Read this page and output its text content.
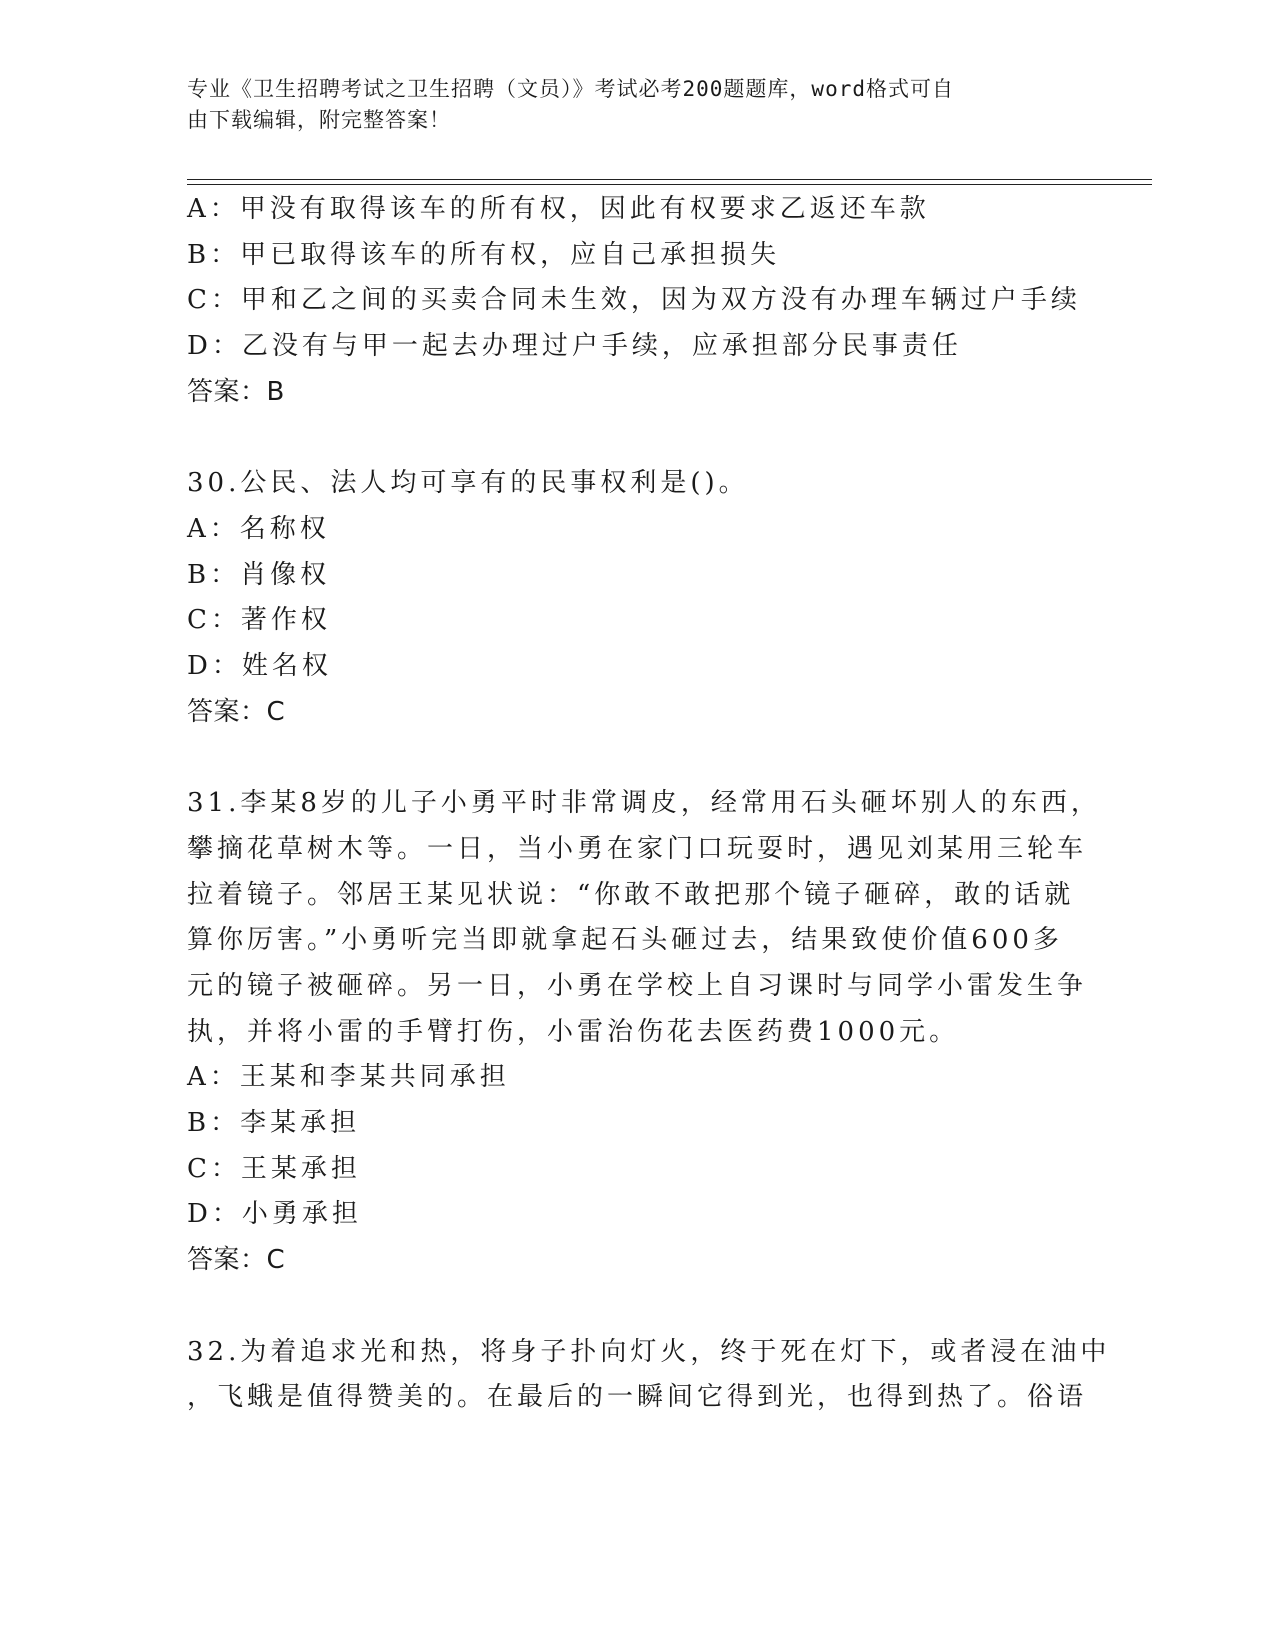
专业《卫生招聘考试之卫生招聘（文员）》考试必考200题题库，word格式可自
由下载编辑，附完整答案！
A：甲没有取得该车的所有权，因此有权要求乙返还车款
B：甲已取得该车的所有权，应自己承担损失
C：甲和乙之间的买卖合同未生效，因为双方没有办理车辆过户手续
D：乙没有与甲一起去办理过户手续，应承担部分民事责任
答案：B
30.公民、法人均可享有的民事权利是()。
A：名称权
B：肖像权
C：著作权
D：姓名权
答案：C
31.李某8岁的儿子小勇平时非常调皮，经常用石头砸坏别人的东西，
攀摘花草树木等。一日，当小勇在家门口玩耍时，遇见刘某用三轮车
拉着镜子。邻居王某见状说：“你敢不敢把那个镜子砸碎，敢的话就
算你厉害。”小勇听完当即就拿起石头砸过去，结果致使价值600多
元的镜子被砸碎。另一日，小勇在学校上自习课时与同学小雷发生争
执，并将小雷的手臂打伤，小雷治伤花去医药费1000元。
A：王某和李某共同承担
B：李某承担
C：王某承担
D：小勇承担
答案：C
32.为着追求光和热，将身子扑向灯火，终于死在灯下，或者浸在油中
，飞蛾是值得赞美的。在最后的一瞬间它得到光，也得到热了。俗语
